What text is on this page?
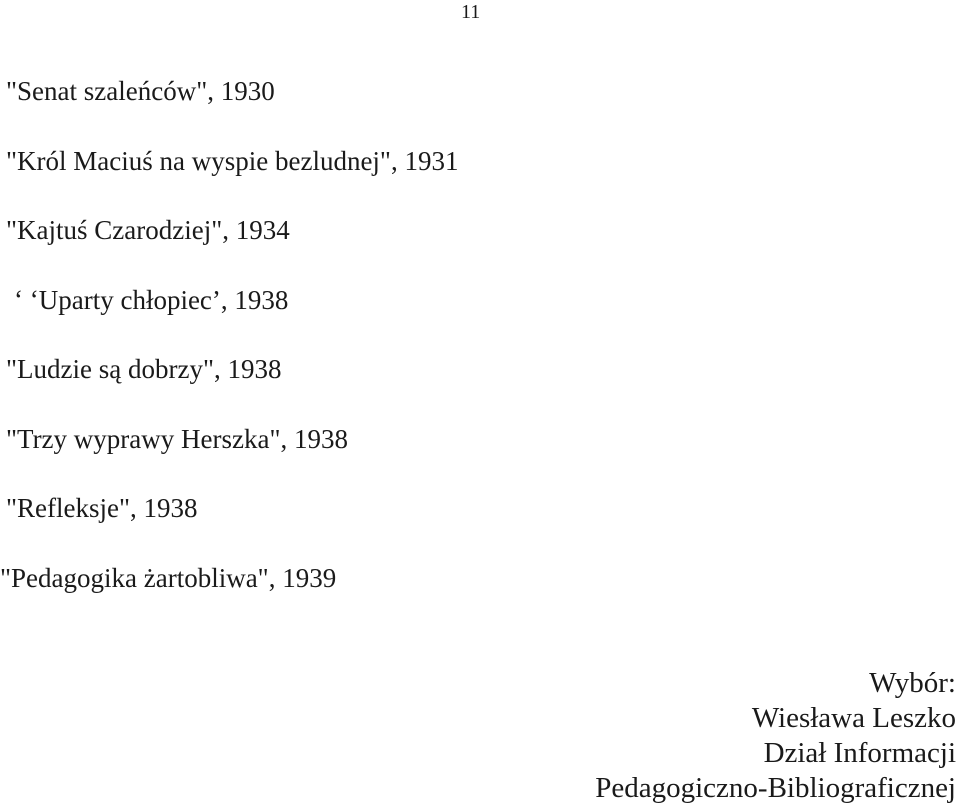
11
"Senat szaleńców", 1930
"Król Maciuś na wyspie bezludnej", 1931
"Kajtuś Czarodziej", 1934
‘ ‘Uparty chłopiec’, 1938
"Ludzie są dobrzy", 1938
"Trzy wyprawy Herszka", 1938
"Refleksje", 1938
"Pedagogika żartobliwa", 1939
Wybór:
Wiesława Leszko
Dział Informacji
Pedagogiczno-Bibliograficznej
